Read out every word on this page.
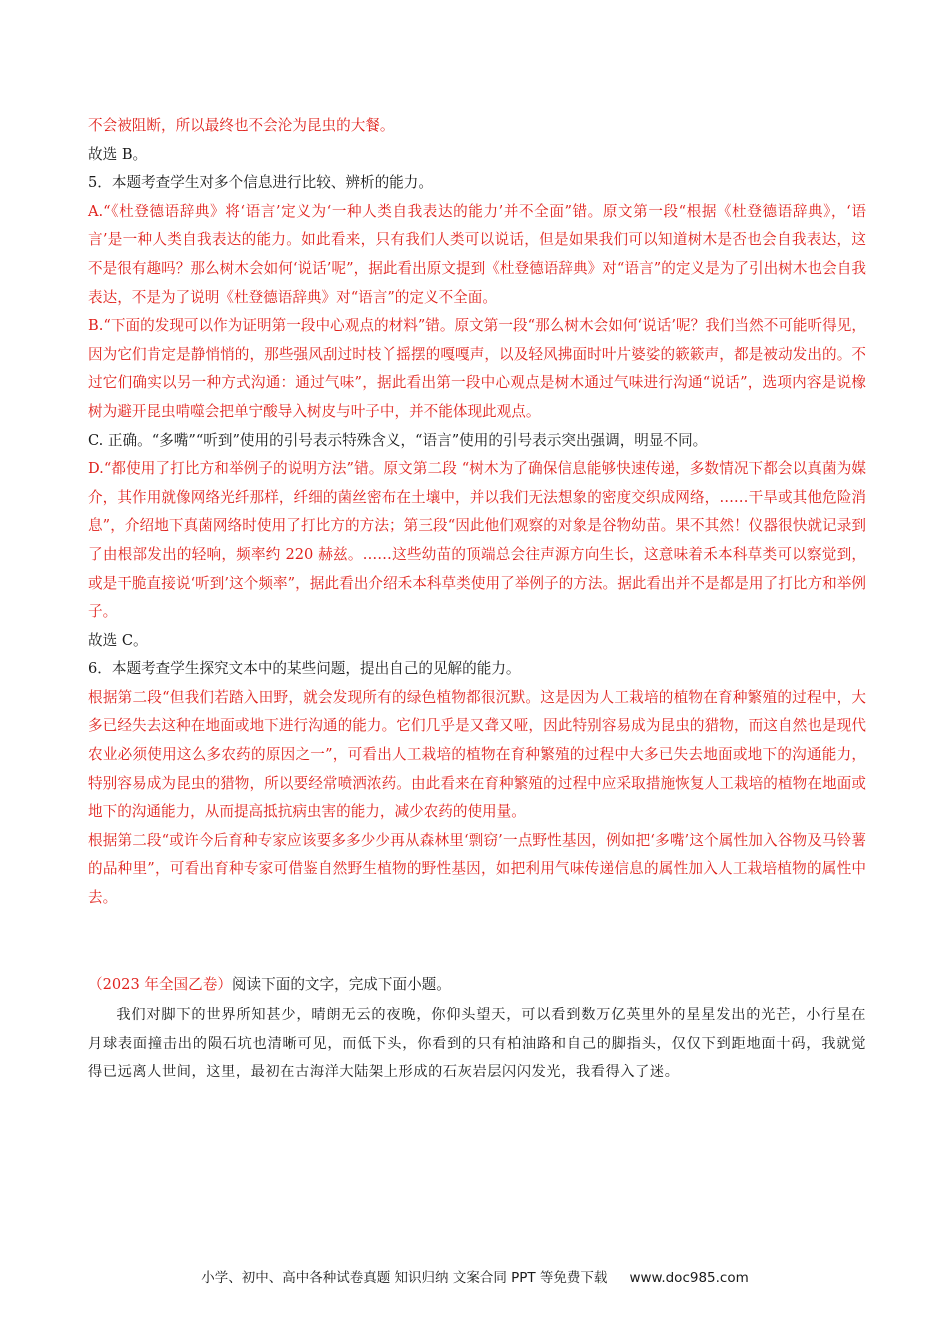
不会被阻断，所以最终也不会沦为昆虫的大餐。

故选 B。

5．本题考查学生对多个信息进行比较、辨析的能力。

A.“《杜登德语辞典》将‘语言’定义为‘一种人类自我表达的能力’并不全面”错。原文第一段“根据《杜登德语辞典》，‘语言’是一种人类自我表达的能力。如此看来，只有我们人类可以说话，但是如果我们可以知道树木是否也会自我表达，这不是很有趣吗？那么树木会如何‘说话’呢”，据此看出原文提到《杜登德语辞典》对“语言”的定义是为了引出树木也会自我表达，不是为了说明《杜登德语辞典》对“语言”的定义不全面。

B.“下面的发现可以作为证明第一段中心观点的材料”错。原文第一段“那么树木会如何‘说话’呢？我们当然不可能听得见，因为它们肯定是静悄悄的，那些强风刮过时枝丫摇摆的嘎嘎声，以及轻风拂面时叶片婆娑的簌簌声，都是被动发出的。不过它们确实以另一种方式沟通：通过气味”，据此看出第一段中心观点是树木通过气味进行沟通“说话”，选项内容是说橡树为避开昆虫啃噬会把单宁酸导入树皮与叶子中，并不能体现此观点。

C. 正确。“多嘴”“听到”使用的引号表示特殊含义，“语言”使用的引号表示突出强调，明显不同。

D.“都使用了打比方和举例子的说明方法”错。原文第二段 “树木为了确保信息能够快速传递，多数情况下都会以真菌为媒介，其作用就像网络光纤那样，纤细的菌丝密布在土壤中，并以我们无法想象的密度交织成网络，……干旱或其他危险消息”，介绍地下真菌网络时使用了打比方的方法；第三段“因此他们观察的对象是谷物幼苗。果不其然！仪器很快就记录到了由根部发出的轻响，频率约 220 赫兹。……这些幼苗的顶端总会往声源方向生长，这意味着禾本科草类可以察觉到，或是干脆直接说‘听到’这个频率”，据此看出介绍禾本科草类使用了举例子的方法。据此看出并不是都是用了打比方和举例子。

故选 C。

6．本题考查学生探究文本中的某些问题，提出自己的见解的能力。

根据第二段“但我们若踏入田野，就会发现所有的绿色植物都很沉默。这是因为人工栽培的植物在育种繁殖的过程中，大多已经失去这种在地面或地下进行沟通的能力。它们几乎是又聋又哑，因此特别容易成为昆虫的猎物，而这自然也是现代农业必须使用这么多农药的原因之一”，可看出人工栽培的植物在育种繁殖的过程中大多已失去地面或地下的沟通能力，特别容易成为昆虫的猎物，所以要经常喷洒浓药。由此看来在育种繁殖的过程中应采取措施恢复人工栽培的植物在地面或地下的沟通能力，从而提高抵抗病虫害的能力，减少农药的使用量。

根据第二段“或许今后育种专家应该要多多少少再从森林里‘剽窃’一点野性基因，例如把‘多嘴’这个属性加入谷物及马铃薯的品种里”，可看出育种专家可借鉴自然野生植物的野性基因，如把利用气味传递信息的属性加入人工栽培植物的属性中去。

（2023 年全国乙卷）阅读下面的文字，完成下面小题。

我们对脚下的世界所知甚少，晴朗无云的夜晚，你仰头望天，可以看到数万亿英里外的星星发出的光芒，小行星在月球表面撞击出的陨石坑也清晰可见，而低下头，你看到的只有柏油路和自己的脚指头，仅仅下到距地面十码，我就觉得已远离人世间，这里，最初在古海洋大陆架上形成的石灰岩层闪闪发光，我看得入了迷。

小学、初中、高中各种试卷真题 知识归纳 文案合同 PPT 等免费下载 www.doc985.com
